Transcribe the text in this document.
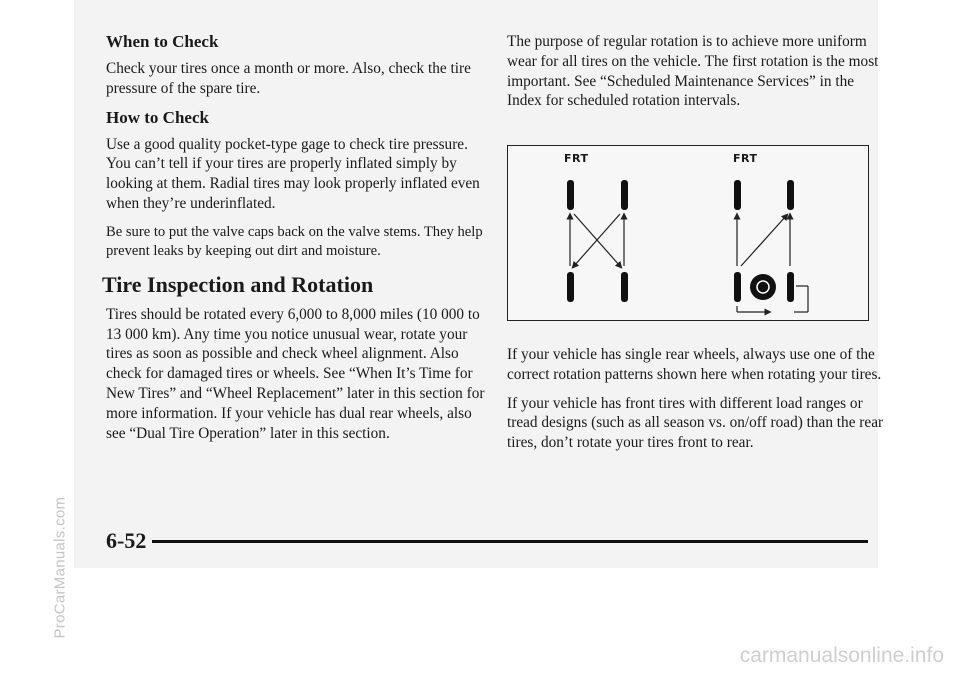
ProCarManuals.com
When to Check

Check your tires once a month or more. Also, check the tire pressure of the spare tire.

How to Check

Use a good quality pocket-type gage to check tire pressure. You can’t tell if your tires are properly inflated simply by looking at them. Radial tires may look properly inflated even when they’re underinflated.

Be sure to put the valve caps back on the valve stems. They help prevent leaks by keeping out dirt and moisture.

Tire Inspection and Rotation

Tires should be rotated every 6,000 to 8,000 miles (10 000 to 13 000 km). Any time you notice unusual wear, rotate your tires as soon as possible and check wheel alignment. Also check for damaged tires or wheels. See “When It’s Time for New Tires” and “Wheel Replacement” later in this section for more information. If your vehicle has dual rear wheels, also see “Dual Tire Operation” later in this section.

The purpose of regular rotation is to achieve more uniform wear for all tires on the vehicle. The first rotation is the most important. See “Scheduled Maintenance Services” in the Index for scheduled rotation intervals.

FRT	FRT

If your vehicle has single rear wheels, always use one of the correct rotation patterns shown here when rotating your tires.

If your vehicle has front tires with different load ranges or tread designs (such as all season vs. on/off road) than the rear tires, don’t rotate your tires front to rear.

6-52
carmanualsonline.info
